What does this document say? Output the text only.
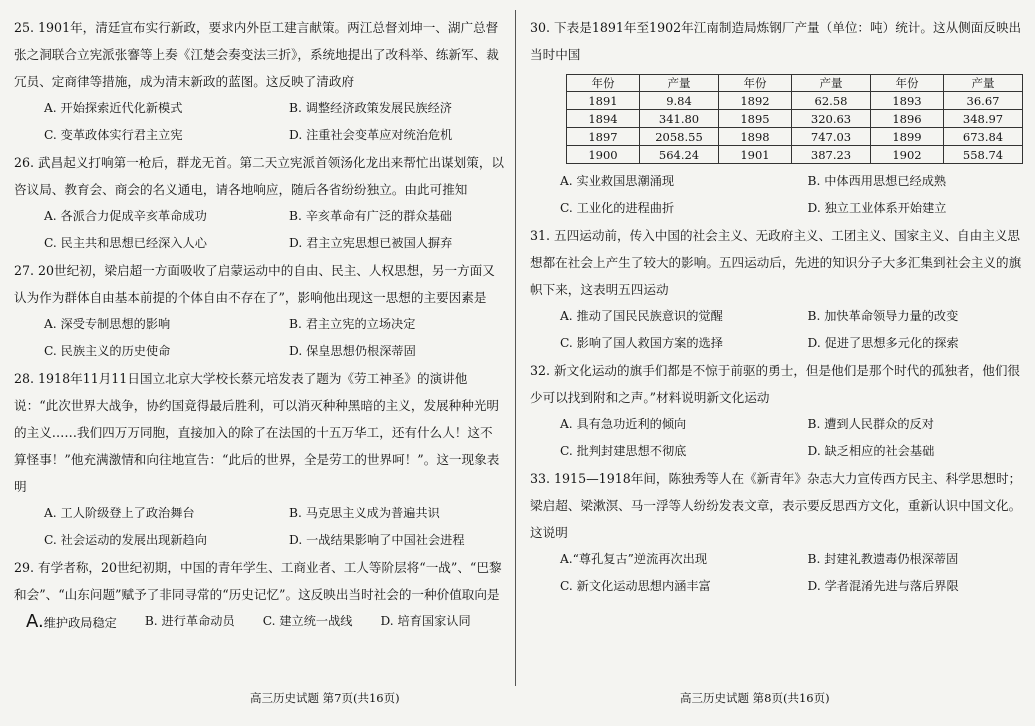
25. 1901年，清廷宣布实行新政，要求内外臣工建言献策。两江总督刘坤一、湖广总督张之洞联合立宪派张謇等上奏《江楚会奏变法三折》，系统地提出了改科举、练新军、裁冗员、定商律等措施，成为清末新政的蓝图。这反映了清政府

A. 开始探索近代化新模式	B. 调整经济政策发展民族经济
C. 变革政体实行君主立宪	D. 注重社会变革应对统治危机

26. 武昌起义打响第一枪后，群龙无首。第二天立宪派首领汤化龙出来帮忙出谋划策，以咨议局、教育会、商会的名义通电，请各地响应，随后各省纷纷独立。由此可推知

A. 各派合力促成辛亥革命成功	B. 辛亥革命有广泛的群众基础
C. 民主共和思想已经深入人心	D. 君主立宪思想已被国人摒弃

27. 20世纪初，梁启超一方面吸收了启蒙运动中的自由、民主、人权思想，另一方面又认为作为群体自由基本前提的个体自由不存在了”，影响他出现这一思想的主要因素是

A. 深受专制思想的影响	B. 君主立宪的立场决定
C. 民族主义的历史使命	D. 保皇思想仍根深蒂固

28. 1918年11月11日国立北京大学校长蔡元培发表了题为《劳工神圣》的演讲他说：“此次世界大战争，协约国竟得最后胜利，可以消灭种种黑暗的主义，发展种种光明的主义……我们四万万同胞，直接加入的除了在法国的十五万华工，还有什么人！这不算怪事！”他充满激情和向往地宣告：“此后的世界，全是劳工的世界呵！”。这一现象表明

A. 工人阶级登上了政治舞台	B. 马克思主义成为普遍共识
C. 社会运动的发展出现新趋向	D. 一战结果影响了中国社会进程

29. 有学者称，20世纪初期，中国的青年学生、工商业者、工人等阶层将“一战”、“巴黎和会”、“山东问题”赋予了非同寻常的“历史记忆”。这反映出当时社会的一种价值取向是

A.维护政局稳定 B. 进行革命动员 C. 建立统一战线 D. 培育国家认同
高三历史试题 第7页(共16页)

30. 下表是1891年至1902年江南制造局炼钢厂产量（单位：吨）统计。这从侧面反映出当时中国

年份	产量	年份	产量	年份	产量
1891	9.84	1892	62.58	1893	36.67
1894	341.80	1895	320.63	1896	348.97
1897	2058.55	1898	747.03	1899	673.84
1900	564.24	1901	387.23	1902	558.74
A. 实业救国思潮涌现	B. 中体西用思想已经成熟
C. 工业化的进程曲折	D. 独立工业体系开始建立

31. 五四运动前，传入中国的社会主义、无政府主义、工团主义、国家主义、自由主义思想都在社会上产生了较大的影响。五四运动后，先进的知识分子大多汇集到社会主义的旗帜下来，这表明五四运动

A. 推动了国民民族意识的觉醒	B. 加快革命领导力量的改变
C. 影响了国人救国方案的选择	D. 促进了思想多元化的探索

32. 新文化运动的旗手们都是不惊于前驱的勇士，但是他们是那个时代的孤独者，他们很少可以找到附和之声。”材料说明新文化运动

A. 具有急功近利的倾向	B. 遭到人民群众的反对
C. 批判封建思想不彻底	D. 缺乏相应的社会基础

33. 1915—1918年间，陈独秀等人在《新青年》杂志大力宣传西方民主、科学思想时；梁启超、梁漱溟、马一浮等人纷纷发表文章，表示要反思西方文化，重新认识中国文化。这说明

A.“尊孔复古”逆流再次出现	B. 封建礼教遗毒仍根深蒂固
C. 新文化运动思想内涵丰富	D. 学者混淆先进与落后界限
高三历史试题 第8页(共16页)
